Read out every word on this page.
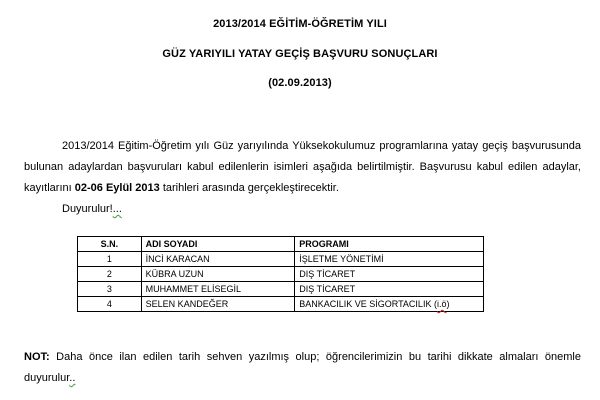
2013/2014 EĞİTİM-ÖĞRETİM YILI
GÜZ YARIYILI YATAY GEÇİŞ BAŞVURU SONUÇLARI
(02.09.2013)
2013/2014 Eğitim-Öğretim yılı Güz yarıyılında Yüksekokulumuz programlarına yatay geçiş başvurusunda bulunan adaylardan başvuruları kabul edilenlerin isimleri aşağıda belirtilmiştir. Başvurusu kabul edilen adaylar, kayıtlarını 02-06 Eylül 2013 tarihleri arasında gerçekleştirecektir.
Duyurulur!...
S.N.	ADI SOYADI	PROGRAMI
1	İNCİ KARACAN	İŞLETME YÖNETİMİ
2	KÜBRA UZUN	DIŞ TİCARET
3	MUHAMMET ELİSEGİL	DIŞ TİCARET
4	SELEN KANDEĞER	BANKACILIK VE SİGORTACILIK (i.ö)
NOT: Daha önce ilan edilen tarih sehven yazılmış olup; öğrencilerimizin bu tarihi dikkate almaları önemle duyurulur..
